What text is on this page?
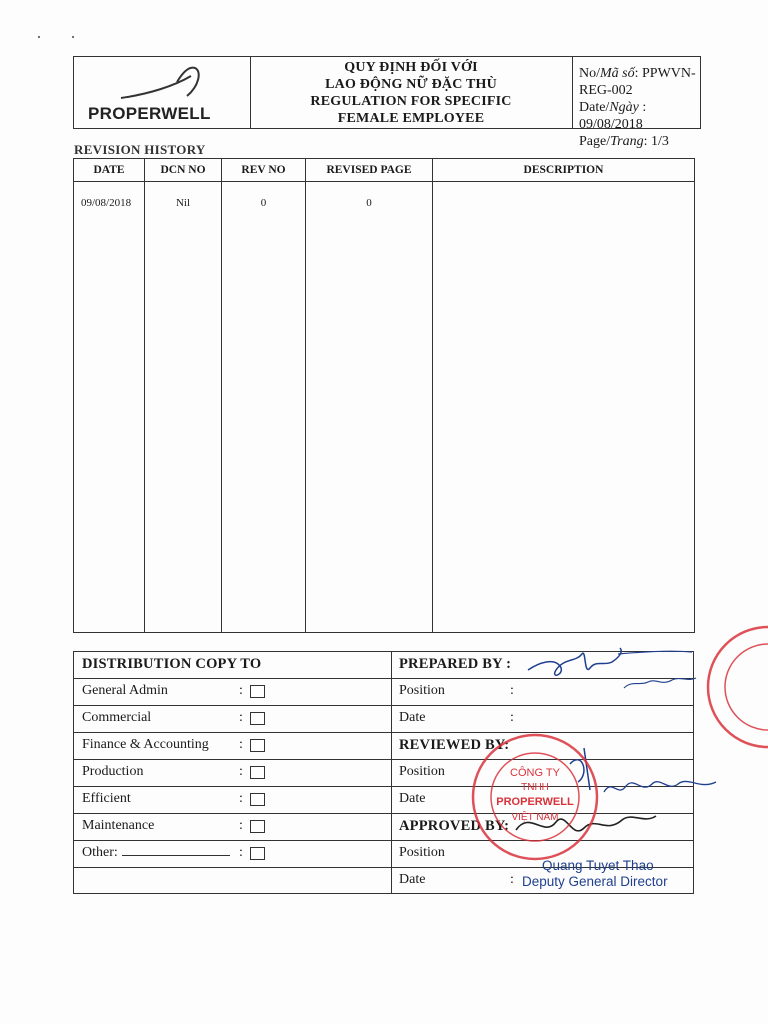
PROPERWELL
QUY ĐỊNH ĐỐI VỚI
LAO ĐỘNG NỮ ĐẶC THÙ
REGULATION FOR SPECIFIC
FEMALE EMPLOYEE
No/Mã số: PPWVN-REG-002
Date/Ngày : 09/08/2018
Page/Trang: 1/3
REVISION HISTORY
DATE	DCN NO	REV NO	REVISED PAGE	DESCRIPTION
09/08/2018	Nil	0	0	
DISTRIBUTION COPY TO	PREPARED BY :
General Admin	:	Position	:
Commercial	:	Date	:
Finance & Accounting :	REVIEWED BY:
Production	:	Position
Efficient	:	Date
Maintenance	:	APPROVED BY:
Other:	:	Position
Date	:
CÔNG TY
TNHH
PROPERWELL
VIỆT NAM
Quang Tuyet Thao
Deputy General Director
